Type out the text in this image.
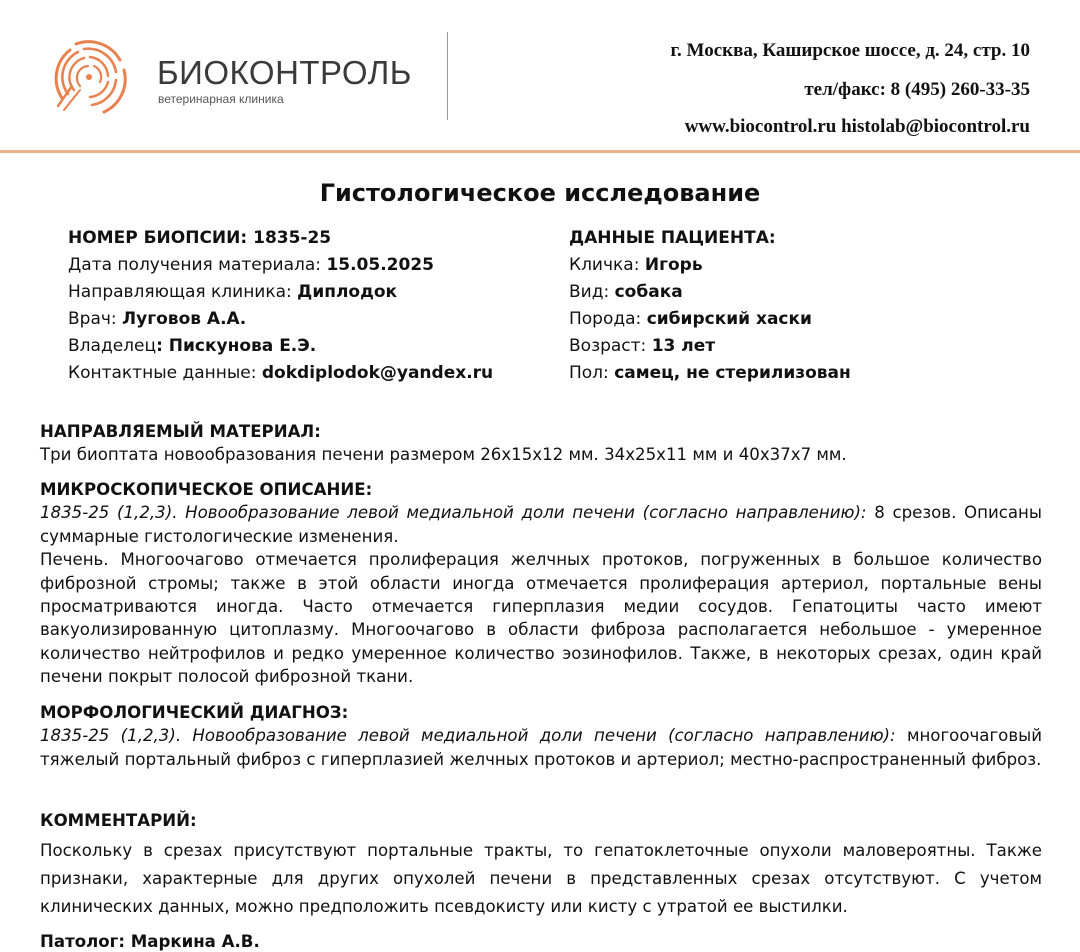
БИОКОНТРОЛЬ
ветеринарная клиника
г. Москва, Каширское шоссе, д. 24, стр. 10
тел/факс: 8 (495) 260-33-35
www.biocontrol.ru histolab@biocontrol.ru
Гистологическое исследование
НОМЕР БИОПСИИ: 1835-25
Дата получения материала: 15.05.2025
Направляющая клиника: Диплодок
Врач: Луговов А.А.
Владелец: Пискунова Е.Э.
Контактные данные: dokdiplodok@yandex.ru
ДАННЫЕ ПАЦИЕНТА:
Кличка: Игорь
Вид: собака
Порода: сибирский хаски
Возраст: 13 лет
Пол: самец, не стерилизован
НАПРАВЛЯЕМЫЙ МАТЕРИАЛ:
Три биоптата новообразования печени размером 26х15х12 мм. 34х25х11 мм и 40х37х7 мм.
МИКРОСКОПИЧЕСКОЕ ОПИСАНИЕ:
1835-25 (1,2,3). Новообразование левой медиальной доли печени (согласно направлению): 8 срезов. Описаны суммарные гистологические изменения.
Печень. Многоочагово отмечается пролиферация желчных протоков, погруженных в большое количество фиброзной стромы; также в этой области иногда отмечается пролиферация артериол, портальные вены просматриваются иногда. Часто отмечается гиперплазия медии сосудов. Гепатоциты часто имеют вакуолизированную цитоплазму. Многоочагово в области фиброза располагается небольшое - умеренное количество нейтрофилов и редко умеренное количество эозинофилов. Также, в некоторых срезах, один край печени покрыт полосой фиброзной ткани.
МОРФОЛОГИЧЕСКИЙ ДИАГНОЗ:
1835-25 (1,2,3). Новообразование левой медиальной доли печени (согласно направлению): многоочаговый тяжелый портальный фиброз с гиперплазией желчных протоков и артериол; местно-распространенный фиброз.
КОММЕНТАРИЙ:
Поскольку в срезах присутствуют портальные тракты, то гепатоклеточные опухоли маловероятны. Также признаки, характерные для других опухолей печени в представленных срезах отсутствуют. С учетом клинических данных, можно предположить псевдокисту или кисту с утратой ее выстилки.
Патолог: Маркина А.В.
